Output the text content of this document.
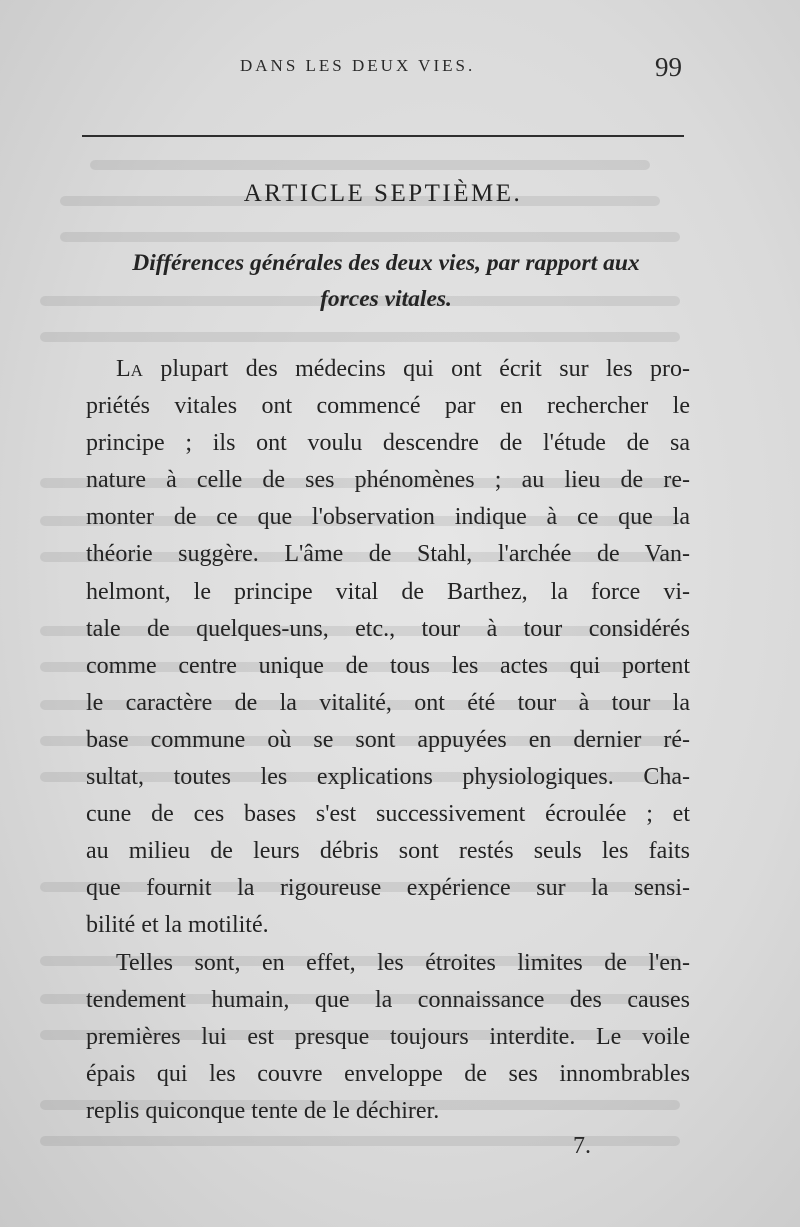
DANS LES DEUX VIES.	99
ARTICLE SEPTIÈME.
Différences générales des deux vies, par rapport aux
forces vitales.
La plupart des médecins qui ont écrit sur les pro-
priétés vitales ont commencé par en rechercher le
principe ; ils ont voulu descendre de l'étude de sa
nature à celle de ses phénomènes ; au lieu de re-
monter de ce que l'observation indique à ce que la
théorie suggère. L'âme de Stahl, l'archée de Van-
helmont, le principe vital de Barthez, la force vi-
tale de quelques-uns, etc., tour à tour considérés
comme centre unique de tous les actes qui portent
le caractère de la vitalité, ont été tour à tour la
base commune où se sont appuyées en dernier ré-
sultat, toutes les explications physiologiques. Cha-
cune de ces bases s'est successivement écroulée ; et
au milieu de leurs débris sont restés seuls les faits
que fournit la rigoureuse expérience sur la sensi-
bilité et la motilité.
Telles sont, en effet, les étroites limites de l'en-
tendement humain, que la connaissance des causes
premières lui est presque toujours interdite. Le voile
épais qui les couvre enveloppe de ses innombrables
replis quiconque tente de le déchirer.
7.
